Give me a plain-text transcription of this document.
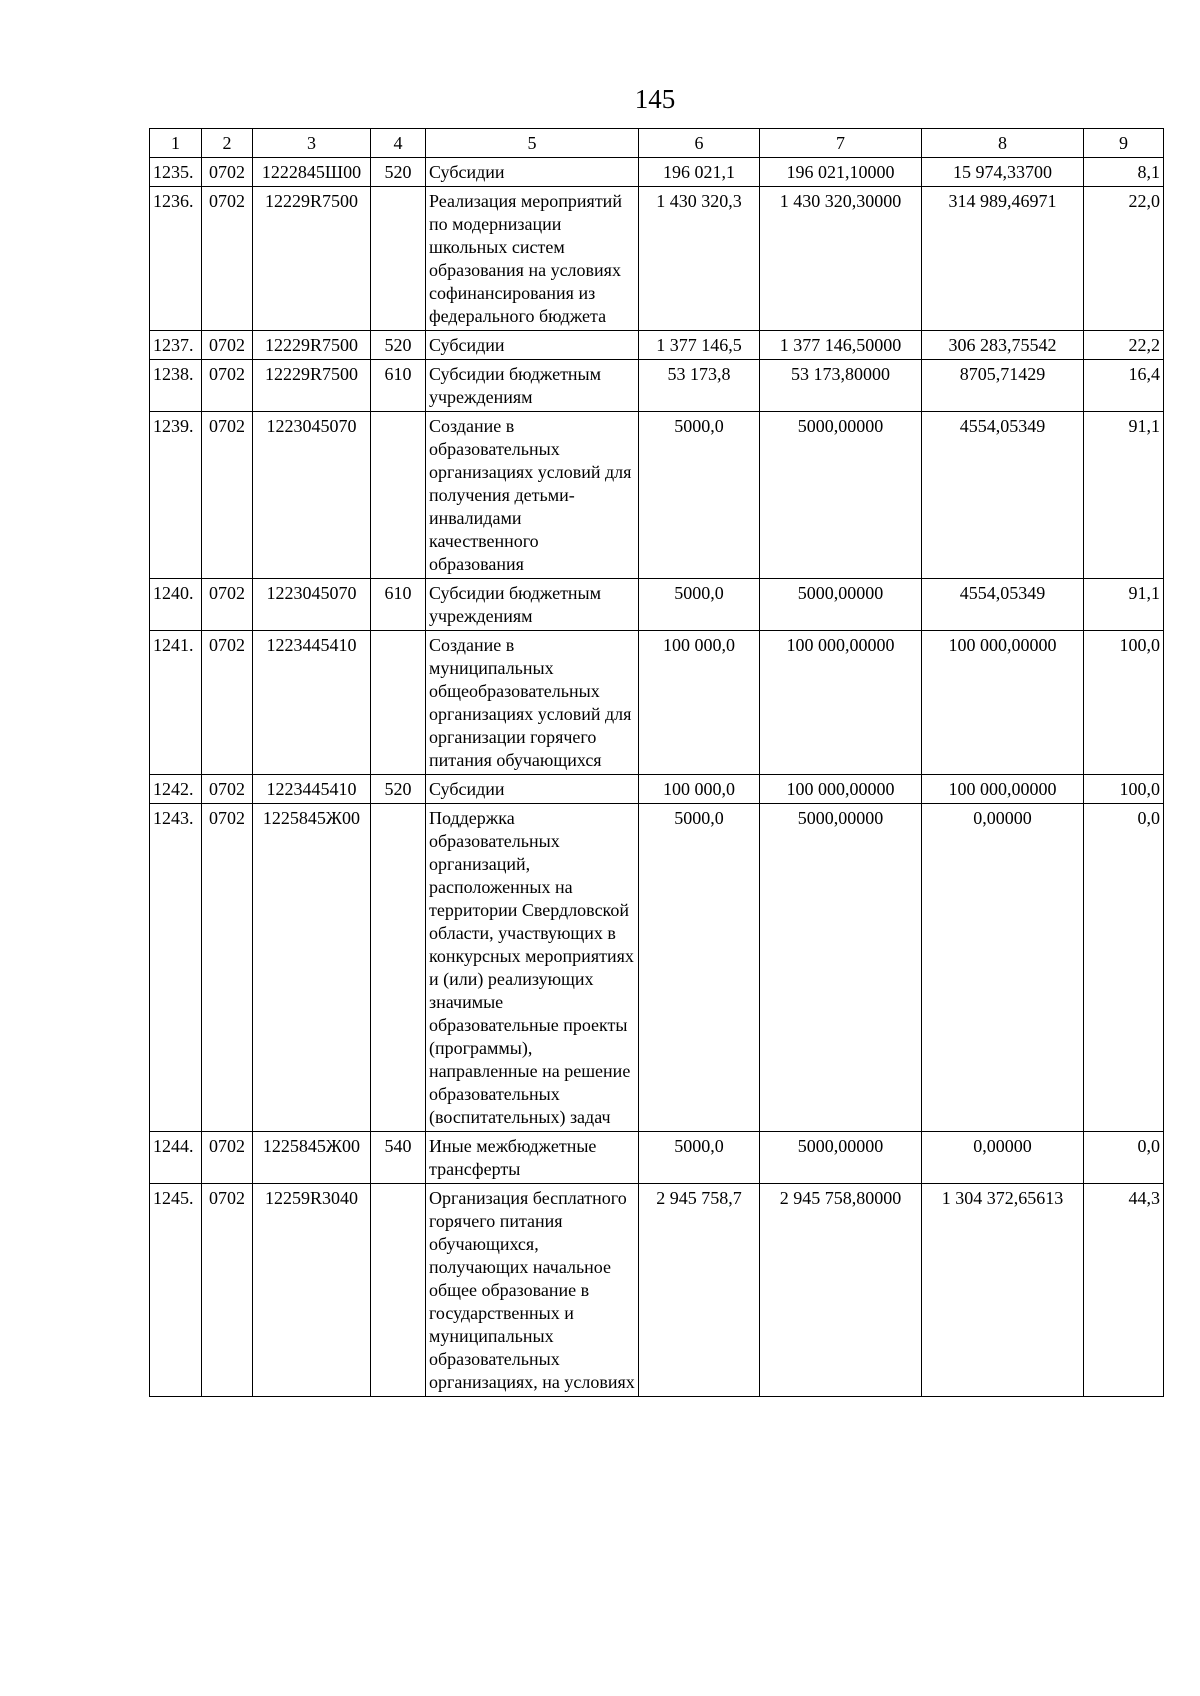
145
1	2	3	4	5	6	7	8	9
1235.	0702	1222845Ш00	520	Субсидии	196 021,1	196 021,10000	15 974,33700	8,1
1236.	0702	12229R7500		Реализация мероприятий по модернизации школьных систем образования на условиях софинансирования из федерального бюджета	1 430 320,3	1 430 320,30000	314 989,46971	22,0
1237.	0702	12229R7500	520	Субсидии	1 377 146,5	1 377 146,50000	306 283,75542	22,2
1238.	0702	12229R7500	610	Субсидии бюджетным учреждениям	53 173,8	53 173,80000	8705,71429	16,4
1239.	0702	1223045070		Создание в образовательных организациях условий для получения детьми-инвалидами качественного образования	5000,0	5000,00000	4554,05349	91,1
1240.	0702	1223045070	610	Субсидии бюджетным учреждениям	5000,0	5000,00000	4554,05349	91,1
1241.	0702	1223445410		Создание в муниципальных общеобразовательных организациях условий для организации горячего питания обучающихся	100 000,0	100 000,00000	100 000,00000	100,0
1242.	0702	1223445410	520	Субсидии	100 000,0	100 000,00000	100 000,00000	100,0
1243.	0702	1225845Ж00		Поддержка образовательных организаций, расположенных на территории Свердловской области, участвующих в конкурсных мероприятиях и (или) реализующих значимые образовательные проекты (программы), направленные на решение образовательных (воспитательных) задач	5000,0	5000,00000	0,00000	0,0
1244.	0702	1225845Ж00	540	Иные межбюджетные трансферты	5000,0	5000,00000	0,00000	0,0
1245.	0702	12259R3040		Организация бесплатного горячего питания обучающихся, получающих начальное общее образование в государственных и муниципальных образовательных организациях, на условиях	2 945 758,7	2 945 758,80000	1 304 372,65613	44,3
